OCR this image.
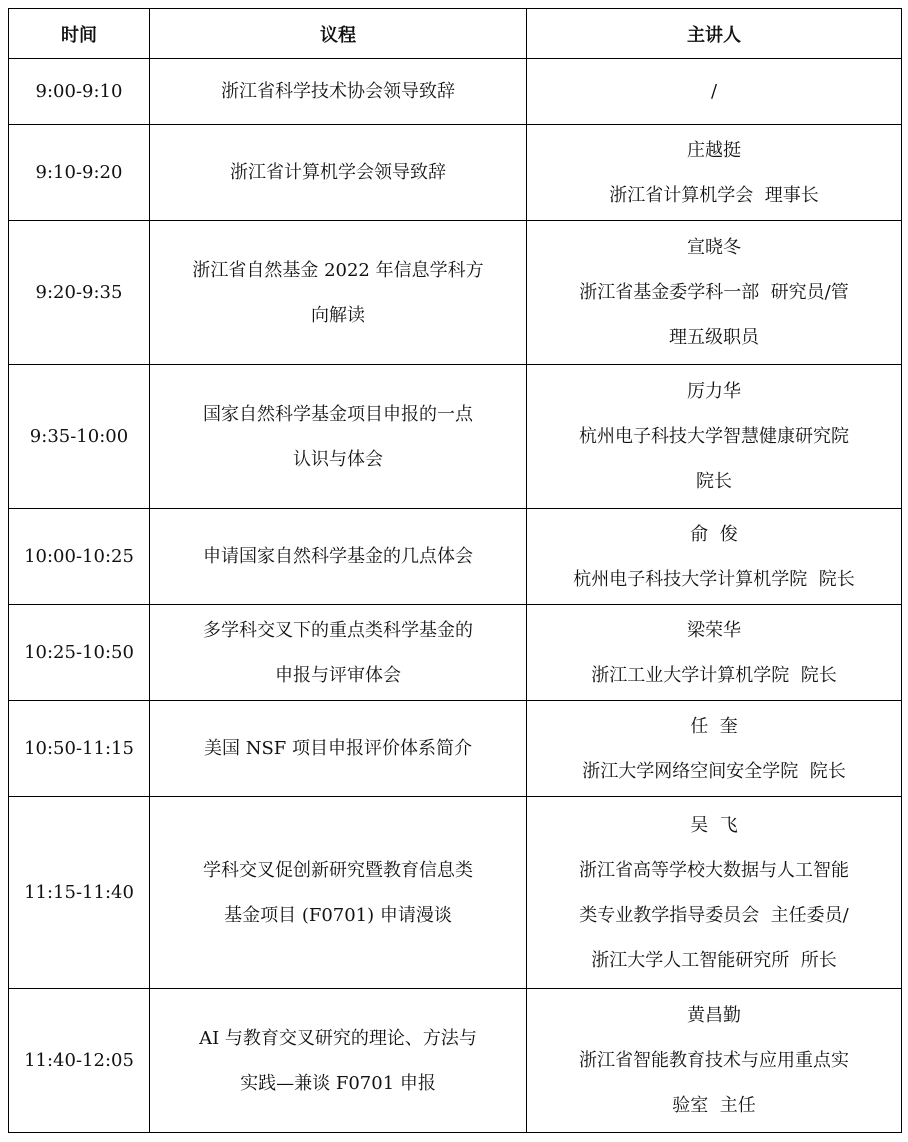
时间	议程	主讲人
9:00-9:10	浙江省科学技术协会领导致辞	/

9:10-9:20	浙江省计算机学会领导致辞	庄越挺
浙江省计算机学会  理事长

9:20-9:35	浙江省自然基金 2022 年信息学科方
向解读	宣晓冬
浙江省基金委学科一部  研究员/管
理五级职员

9:35-10:00	国家自然科学基金项目申报的一点
认识与体会	厉力华
杭州电子科技大学智慧健康研究院
院长

10:00-10:25	申请国家自然科学基金的几点体会	俞  俊
杭州电子科技大学计算机学院  院长

10:25-10:50	多学科交叉下的重点类科学基金的
申报与评审体会	梁荣华
浙江工业大学计算机学院  院长

10:50-11:15	美国 NSF 项目申报评价体系简介	任  奎
浙江大学网络空间安全学院  院长

11:15-11:40	学科交叉促创新研究暨教育信息类
基金项目 (F0701) 申请漫谈	吴  飞
浙江省高等学校大数据与人工智能
类专业教学指导委员会  主任委员/
浙江大学人工智能研究所  所长

11:40-12:05	AI 与教育交叉研究的理论、方法与
实践—兼谈 F0701 申报	黄昌勤
浙江省智能教育技术与应用重点实
验室  主任
